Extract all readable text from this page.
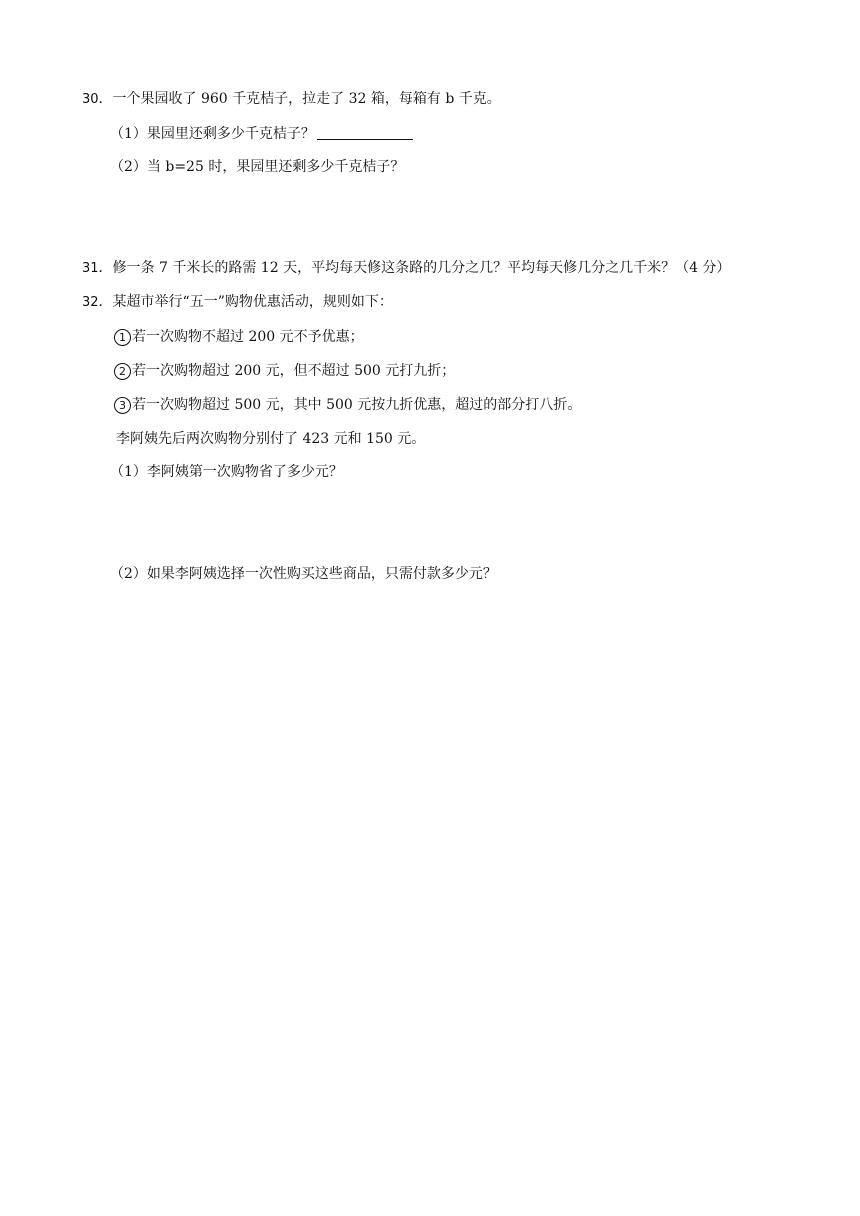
30．一个果园收了 960 千克桔子，拉走了 32 箱，每箱有 b 千克。
（1）果园里还剩多少千克桔子？
（2）当 b=25 时，果园里还剩多少千克桔子？
31．修一条 7 千米长的路需 12 天，平均每天修这条路的几分之几？平均每天修几分之几千米？（4 分）
32．某超市举行“五一”购物优惠活动，规则如下：
1 若一次购物不超过 200 元不予优惠；
2 若一次购物超过 200 元，但不超过 500 元打九折；
3 若一次购物超过 500 元，其中 500 元按九折优惠，超过的部分打八折。
李阿姨先后两次购物分别付了 423 元和 150 元。
（1）李阿姨第一次购物省了多少元？
（2）如果李阿姨选择一次性购买这些商品，只需付款多少元？
